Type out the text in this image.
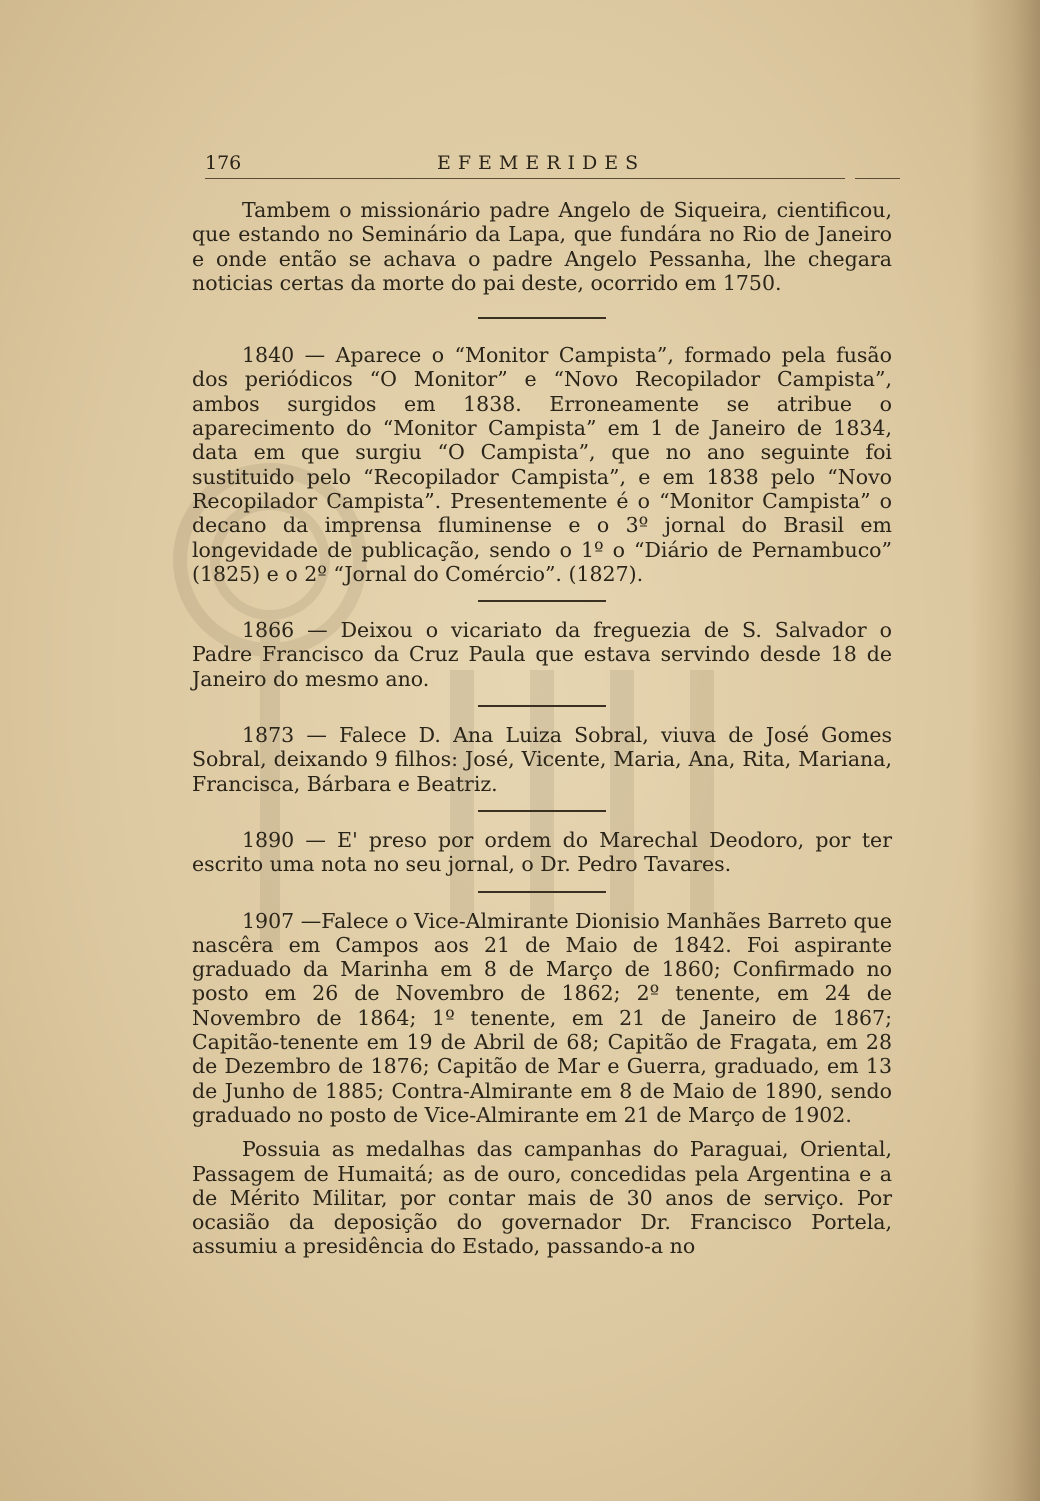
176	EFEMERIDES

Tambem o missionário padre Angelo de Siqueira, cientificou, que estando no Seminário da Lapa, que fundára no Rio de Janeiro e onde então se achava o padre Angelo Pessanha, lhe chegara noticias certas da morte do pai deste, ocorrido em 1750.

1840 — Aparece o “Monitor Campista”, formado pela fusão dos periódicos “O Monitor” e “Novo Recopilador Campista”, ambos surgidos em 1838. Erroneamente se atribue o aparecimento do “Monitor Campista” em 1 de Janeiro de 1834, data em que surgiu “O Campista”, que no ano seguinte foi sustituido pelo “Recopilador Campista”, e em 1838 pelo “Novo Recopilador Campista”. Presentemente é o “Monitor Campista” o decano da imprensa fluminense e o 3º jornal do Brasil em longevidade de publicação, sendo o 1º o “Diário de Pernambuco” (1825) e o 2º “Jornal do Comércio”. (1827).

1866 — Deixou o vicariato da freguezia de S. Salvador o Padre Francisco da Cruz Paula que estava servindo desde 18 de Janeiro do mesmo ano.

1873 — Falece D. Ana Luiza Sobral, viuva de José Gomes Sobral, deixando 9 filhos: José, Vicente, Maria, Ana, Rita, Mariana, Francisca, Bárbara e Beatriz.

1890 — E' preso por ordem do Marechal Deodoro, por ter escrito uma nota no seu jornal, o Dr. Pedro Tavares.

1907 —Falece o Vice-Almirante Dionisio Manhães Barreto que nascêra em Campos aos 21 de Maio de 1842. Foi aspirante graduado da Marinha em 8 de Março de 1860; Confirmado no posto em 26 de Novembro de 1862; 2º tenente, em 24 de Novembro de 1864; 1º tenente, em 21 de Janeiro de 1867; Capitão-tenente em 19 de Abril de 68; Capitão de Fragata, em 28 de Dezembro de 1876; Capitão de Mar e Guerra, graduado, em 13 de Junho de 1885; Contra-Almirante em 8 de Maio de 1890, sendo graduado no posto de Vice-Almirante em 21 de Março de 1902.

Possuia as medalhas das campanhas do Paraguai, Oriental, Passagem de Humaitá; as de ouro, concedidas pela Argentina e a de Mérito Militar, por contar mais de 30 anos de serviço. Por ocasião da deposição do governador Dr. Francisco Portela, assumiu a presidência do Estado, passando-a no
